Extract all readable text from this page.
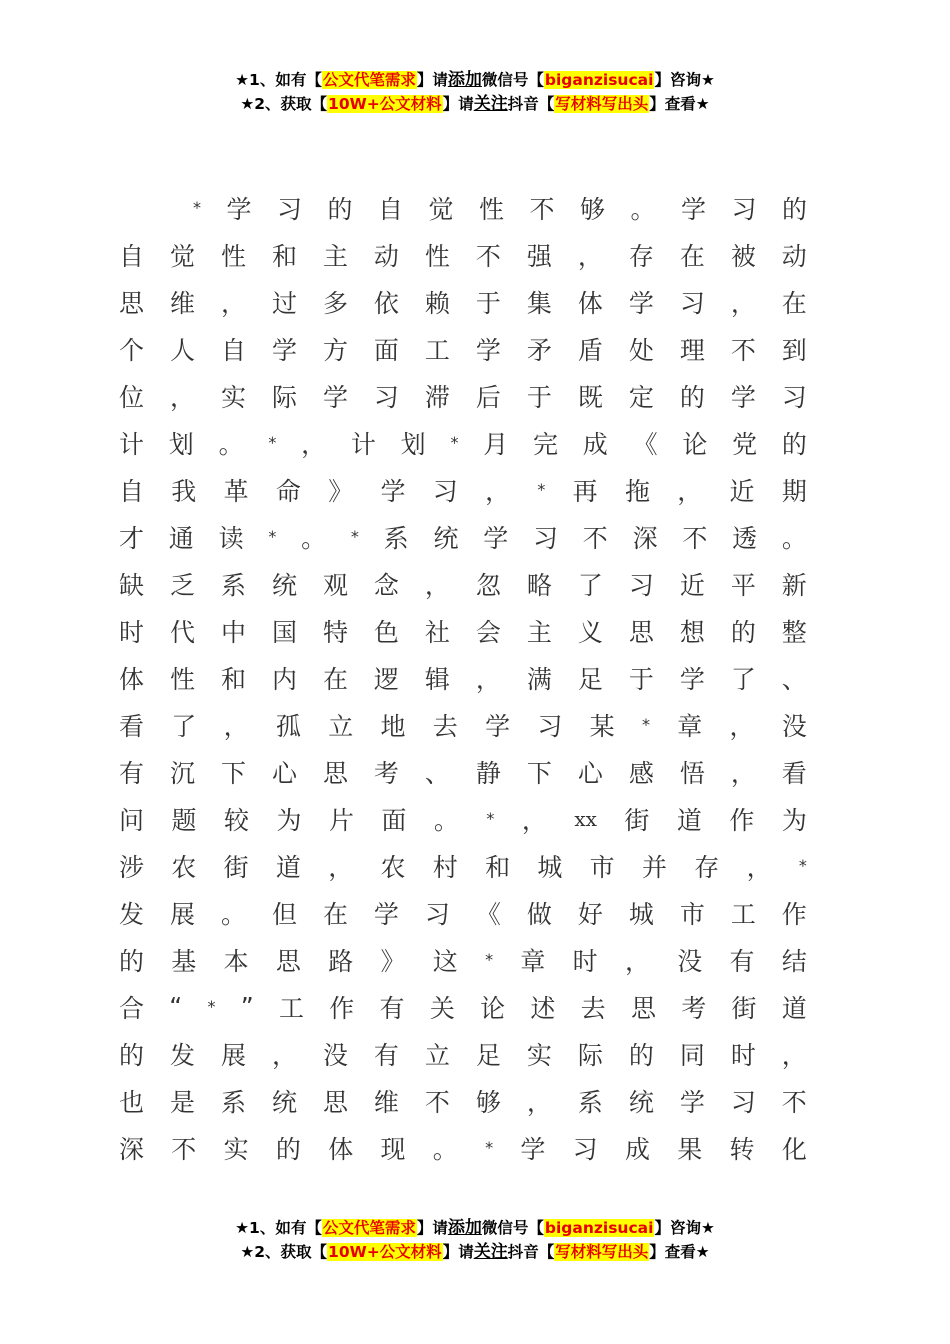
★1、如有【公文代笔需求】请添加微信号【biganzisucai】咨询★
★2、获取【10W+公文材料】请关注抖音【写材料写出头】查看★
* 学 习 的 自 觉 性 不 够 。 学 习 的
自 觉 性 和 主 动 性 不 强 ， 存 在 被 动
思 维 ， 过 多 依 赖 于 集 体 学 习 ， 在
个 人 自 学 方 面 工 学 矛 盾 处 理 不 到
位 ， 实 际 学 习 滞 后 于 既 定 的 学 习
计 划 。 * ， 计 划 * 月 完 成 《 论 党 的
自 我 革 命 》 学 习 ， * 再 拖 ， 近 期
才 通 读 * 。 * 系 统 学 习 不 深 不 透 。
缺 乏 系 统 观 念 ， 忽 略 了 习 近 平 新
时 代 中 国 特 色 社 会 主 义 思 想 的 整
体 性 和 内 在 逻 辑 ， 满 足 于 学 了 、
看 了 ， 孤 立 地 去 学 习 某 * 章 ， 没
有 沉 下 心 思 考 、 静 下 心 感 悟 ， 看
问 题 较 为 片 面 。 * ， xx 街 道 作 为
涉 农 街 道 ， 农 村 和 城 市 并 存 ， *
发 展 。 但 在 学 习 《 做 好 城 市 工 作
的 基 本 思 路 》 这 * 章 时 ， 没 有 结
合 “ * ” 工 作 有 关 论 述 去 思 考 街 道
的 发 展 ， 没 有 立 足 实 际 的 同 时 ，
也 是 系 统 思 维 不 够 ， 系 统 学 习 不
深 不 实 的 体 现 。 * 学 习 成 果 转 化
★1、如有【公文代笔需求】请添加微信号【biganzisucai】咨询★
★2、获取【10W+公文材料】请关注抖音【写材料写出头】查看★
